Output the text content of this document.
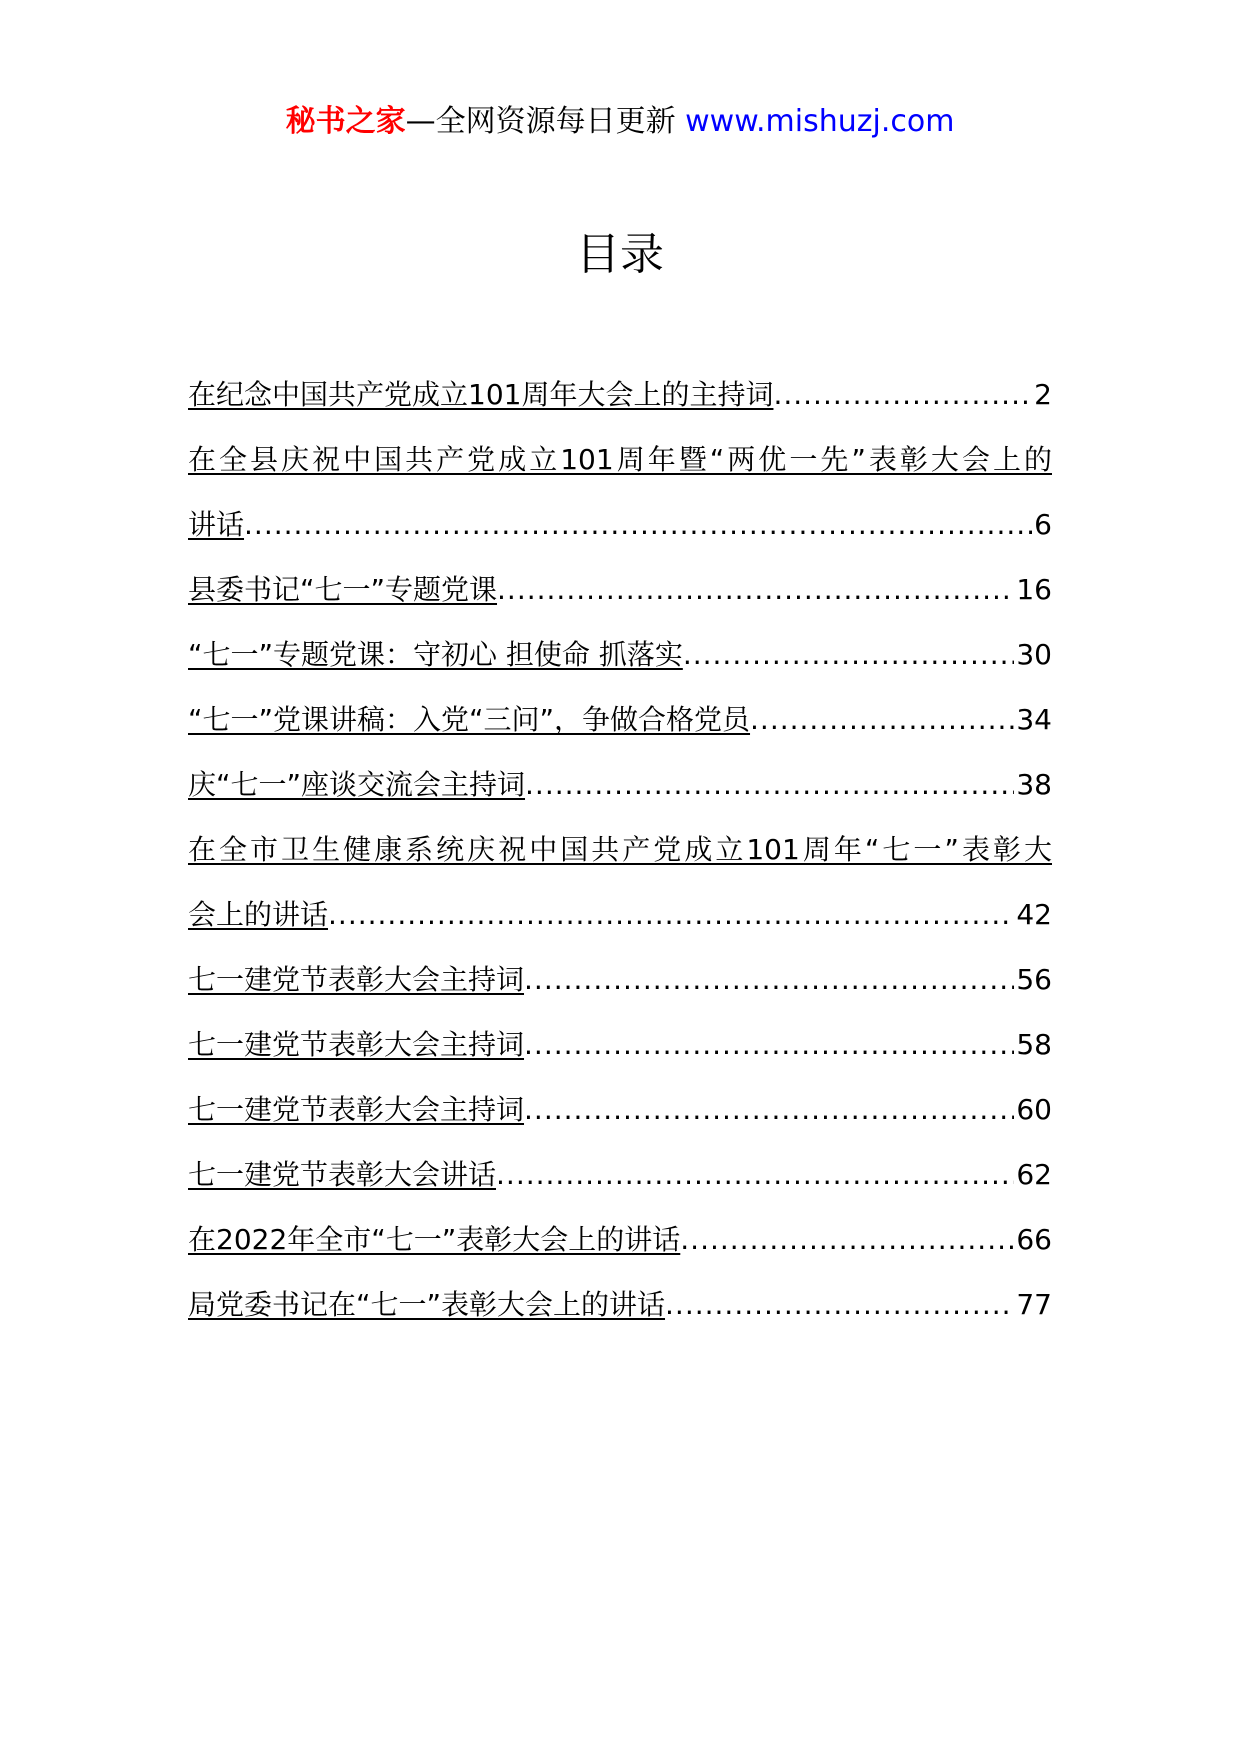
秘书之家—全网资源每日更新 www.mishuzj.com
目录
在纪念中国共产党成立101周年大会上的主持词 .....	2
在全县庆祝中国共产党成立101周年暨“两优一先”表彰大会上的
讲话 .....	6
县委书记“七一”专题党课 .....	16
“七一”专题党课：守初心 担使命 抓落实 .....	30
“七一”党课讲稿：入党“三问”，争做合格党员 .....	34
庆“七一”座谈交流会主持词 .....	38
在全市卫生健康系统庆祝中国共产党成立101周年“七一”表彰大
会上的讲话 .....	42
七一建党节表彰大会主持词 .....	56
七一建党节表彰大会主持词 .....	58
七一建党节表彰大会主持词 .....	60
七一建党节表彰大会讲话 .....	62
在2022年全市“七一”表彰大会上的讲话 .....	66
局党委书记在“七一”表彰大会上的讲话 .....	77
